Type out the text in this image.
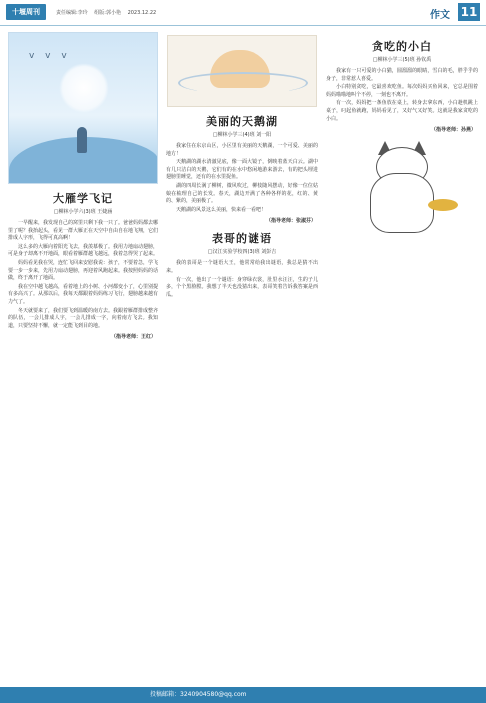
十堰周刊	责任编辑:李玲 组版:郭小艳 2023.12.22	作文 11
v v v
大雁学飞记
□柳林小学六(3)班 王婕涵

一早醒来，我发现自己的窝里只剩下我一只了。爸爸妈妈都去哪里了呢？我抬起头，看见一群大雁正在天空中自由自在地飞翔，它们排成人字形，飞得可真高啊！

这么多的大雁向着阳光飞去，我羡慕极了。我用力地扇动翅膀，可是身子却离不开地面，眼看着雁群越飞越远，我着急得哭了起来。

妈妈看见我在哭，连忙飞回来安慰我说：孩子，不要着急，学飞要一步一步来，先用力扇动翅膀，再迎着风跑起来。我按照妈妈的话做，终于离开了地面。

我在空中越飞越高，看着地上的小树、小河都变小了，心里别提有多高兴了。从那以后，我每天都跟着妈妈练习飞行，翅膀越来越有力气了。

冬天就要来了，我们要飞到温暖的南方去。我跟着雁群排成整齐的队伍，一会儿排成人字，一会儿排成一字，向着南方飞去。我知道，只要坚持不懈，就一定能飞到目的地。

（指导老师：王红）
美丽的天鹅湖
□柳林小学三(4)班 刘一阳

我家住在东京山区，小区里有美丽的天鹅湖，一个可爱、美丽的地方！

天鹅湖的湖水清澈见底，像一面大镜子，倒映着蓝天白云。湖中有几只洁白的天鹅，它们有的在水中悠闲地游来游去，有的把头埋进翅膀里睡觉，还有的在水里捉鱼。

湖的四周长满了柳树，微风吹过，柳枝随风摆动，好像一位位姑娘在梳理自己的长发。春天，湖边开满了各种各样的花，红的、黄的、紫的，美丽极了。

天鹅湖的风景这么美丽，快来看一看吧！

（指导老师：张淑芬）
表哥的谜语
□汉江实验学校四(3)班 刘彭吉

我的表哥是一个谜语大王，他常常给我出谜语，我总是猜不出来。

有一次，他出了一个谜语：身穿绿衣裳，肚里水汪汪，生的子儿多，个个黑脸膛。我想了半天也没猜出来，表哥笑着告诉我答案是西瓜。

贪吃的小白
□柳林小学三(5)班 孙钦禹

我家有一只可爱的小白猫，圆溜溜的眼睛，雪白的毛，胖乎乎的身子，非常惹人喜爱。

小白特别贪吃，它最喜欢吃鱼。每次妈妈买鱼回来，它总是围着妈妈喵喵地叫个不停，一刻也不离开。

有一次，妈妈把一条鱼放在桌上，转身去拿东西，小白趁机跳上桌子，叼起鱼就跑，妈妈看见了，又好气又好笑。这就是我家贪吃的小白。

（指导老师：孙燕）
投稿邮箱：3240904580@qq.com
